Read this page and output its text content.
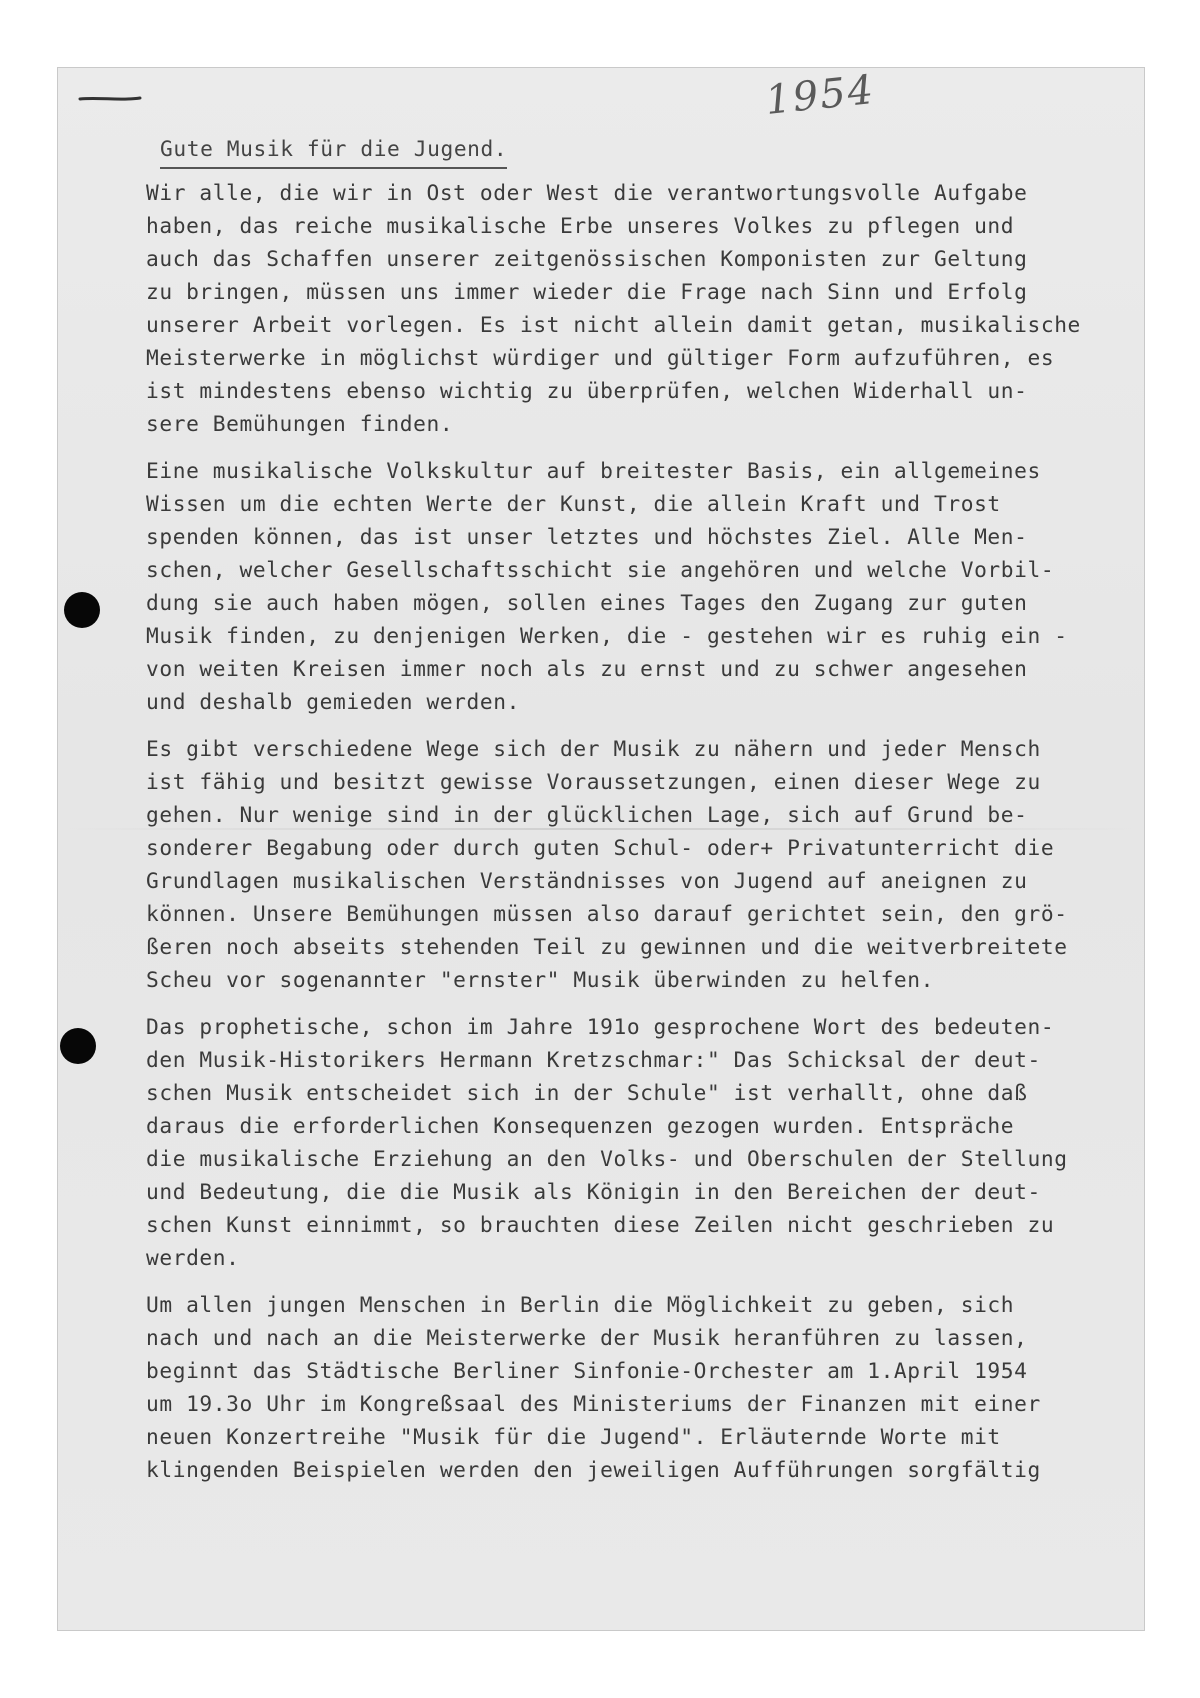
1954
Gute Musik für die Jugend.
Wir alle, die wir in Ost oder West die verantwortungsvolle Aufgabe
haben, das reiche musikalische Erbe unseres Volkes zu pflegen und
auch das Schaffen unserer zeitgenössischen Komponisten zur Geltung
zu bringen, müssen uns immer wieder die Frage nach Sinn und Erfolg
unserer Arbeit vorlegen. Es ist nicht allein damit getan, musikalische
Meisterwerke in möglichst würdiger und gültiger Form aufzuführen, es
ist mindestens ebenso wichtig zu überprüfen, welchen Widerhall un-
sere Bemühungen finden.
Eine musikalische Volkskultur auf breitester Basis, ein allgemeines
Wissen um die echten Werte der Kunst, die allein Kraft und Trost
spenden können, das ist unser letztes und höchstes Ziel. Alle Men-
schen, welcher Gesellschaftsschicht sie angehören und welche Vorbil-
dung sie auch haben mögen, sollen eines Tages den Zugang zur guten
Musik finden, zu denjenigen Werken, die - gestehen wir es ruhig ein -
von weiten Kreisen immer noch als zu ernst und zu schwer angesehen
und deshalb gemieden werden.
Es gibt verschiedene Wege sich der Musik zu nähern und jeder Mensch
ist fähig und besitzt gewisse Voraussetzungen, einen dieser Wege zu
gehen. Nur wenige sind in der glücklichen Lage, sich auf Grund be-
sonderer Begabung oder durch guten Schul- oder+ Privatunterricht die
Grundlagen musikalischen Verständnisses von Jugend auf aneignen zu
können. Unsere Bemühungen müssen also darauf gerichtet sein, den grö-
ßeren noch abseits stehenden Teil zu gewinnen und die weitverbreitete
Scheu vor sogenannter "ernster" Musik überwinden zu helfen.
Das prophetische, schon im Jahre 191o gesprochene Wort des bedeuten-
den Musik-Historikers Hermann Kretzschmar:" Das Schicksal der deut-
schen Musik entscheidet sich in der Schule" ist verhallt, ohne daß
daraus die erforderlichen Konsequenzen gezogen wurden. Entspräche
die musikalische Erziehung an den Volks- und Oberschulen der Stellung
und Bedeutung, die die Musik als Königin in den Bereichen der deut-
schen Kunst einnimmt, so brauchten diese Zeilen nicht geschrieben zu
werden.
Um allen jungen Menschen in Berlin die Möglichkeit zu geben, sich
nach und nach an die Meisterwerke der Musik heranführen zu lassen,
beginnt das Städtische Berliner Sinfonie-Orchester am 1.April 1954
um 19.3o Uhr im Kongreßsaal des Ministeriums der Finanzen mit einer
neuen Konzertreihe "Musik für die Jugend". Erläuternde Worte mit
klingenden Beispielen werden den jeweiligen Aufführungen sorgfältig
